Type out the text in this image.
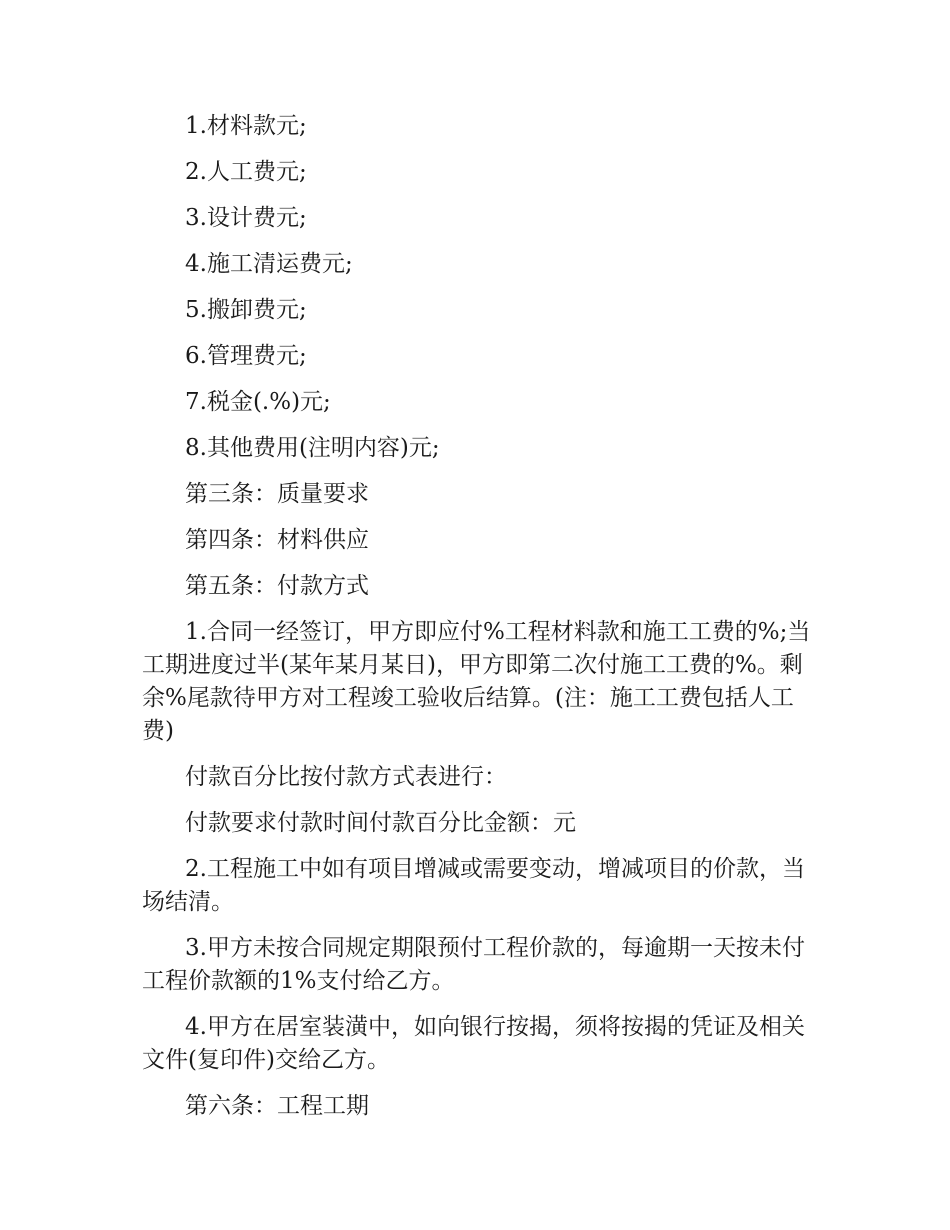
1.材料款元;

2.人工费元;

3.设计费元;

4.施工清运费元;

5.搬卸费元;

6.管理费元;

7.税金(.%)元;

8.其他费用(注明内容)元;

第三条：质量要求

第四条：材料供应

第五条：付款方式

1.合同一经签订，甲方即应付%工程材料款和施工工费的%;当工期进度过半(某年某月某日)，甲方即第二次付施工工费的%。剩余%尾款待甲方对工程竣工验收后结算。(注：施工工费包括人工费)

付款百分比按付款方式表进行：

付款要求付款时间付款百分比金额：元

2.工程施工中如有项目增减或需要变动，增减项目的价款，当场结清。

3.甲方未按合同规定期限预付工程价款的，每逾期一天按未付工程价款额的1%支付给乙方。

4.甲方在居室装潢中，如向银行按揭，须将按揭的凭证及相关文件(复印件)交给乙方。

第六条：工程工期
